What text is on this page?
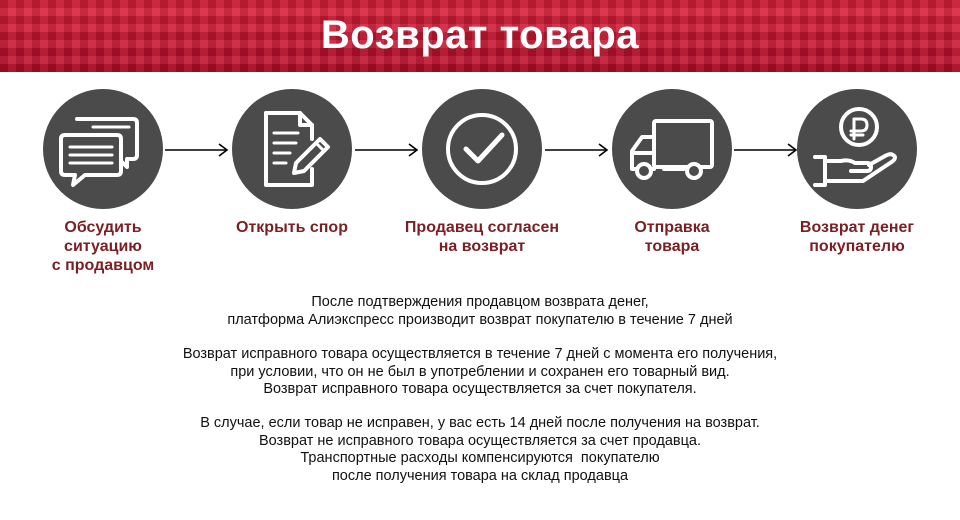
Возврат товара
Обсудить
ситуацию
с продавцом
Открыть спор	Продавец согласен
на возврат
Отправка
товара
Возврат денег
покупателю
После подтверждения продавцом возврата денег,
платформа Алиэкспресс производит возврат покупателю в течение 7 дней
Возврат исправного товара осуществляется в течение 7 дней с момента его получения,
при условии, что он не был в употреблении и сохранен его товарный вид.
Возврат исправного товара осуществляется за счет покупателя.
В случае, если товар не исправен, у вас есть 14 дней после получения на возврат.
Возврат не исправного товара осуществляется за счет продавца.
Транспортные расходы компенсируются  покупателю
после получения товара на склад продавца
